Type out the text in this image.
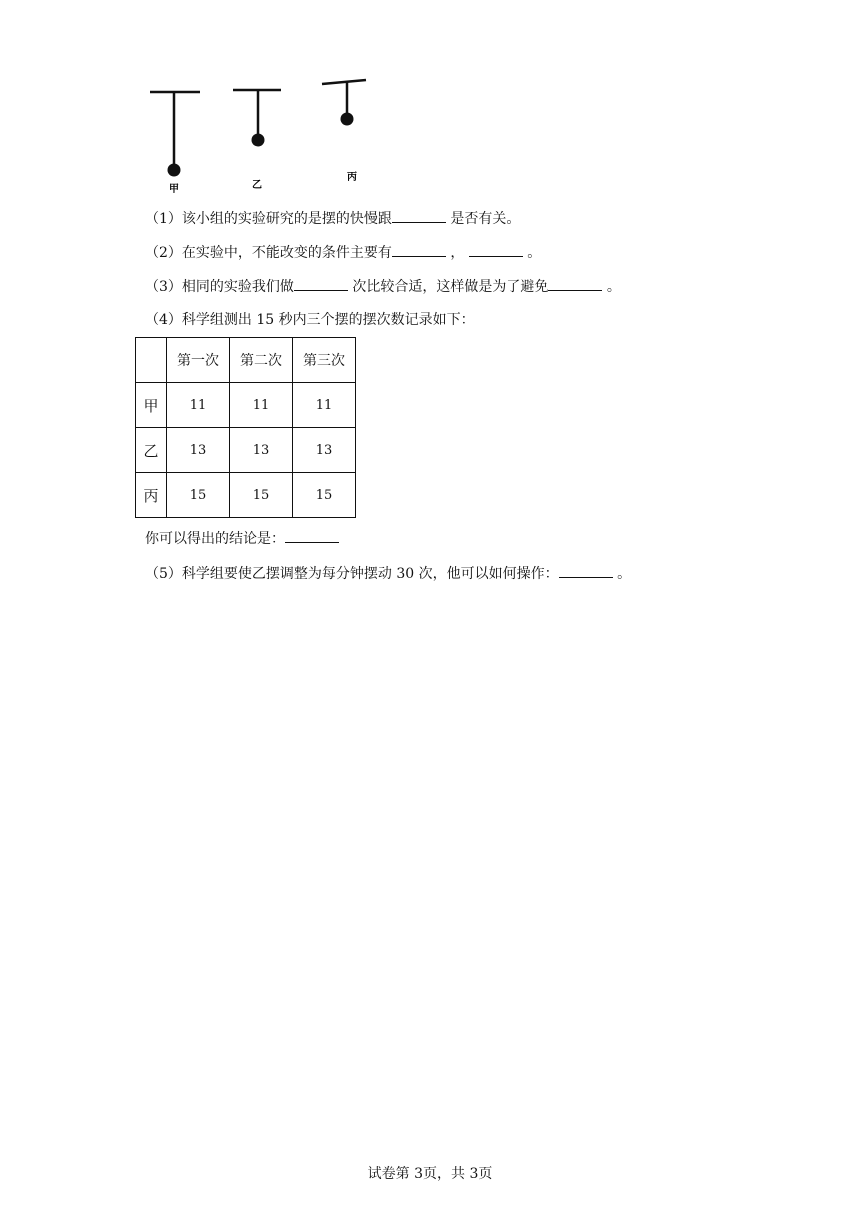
甲	乙
丙
（1）该小组的实验研究的是摆的快慢跟	是否有关。
（2）在实验中，不能改变的条件主要有	，	。
（3）相同的实验我们做	次比较合适，这样做是为了避免	。
（4）科学组测出 15 秒内三个摆的摆次数记录如下：
	第一次	第二次	第三次
甲	11	11	11
乙	13	13	13
丙	15	15	15
你可以得出的结论是：
（5）科学组要使乙摆调整为每分钟摆动 30 次，他可以如何操作：	。
试卷第 3页，共 3页
